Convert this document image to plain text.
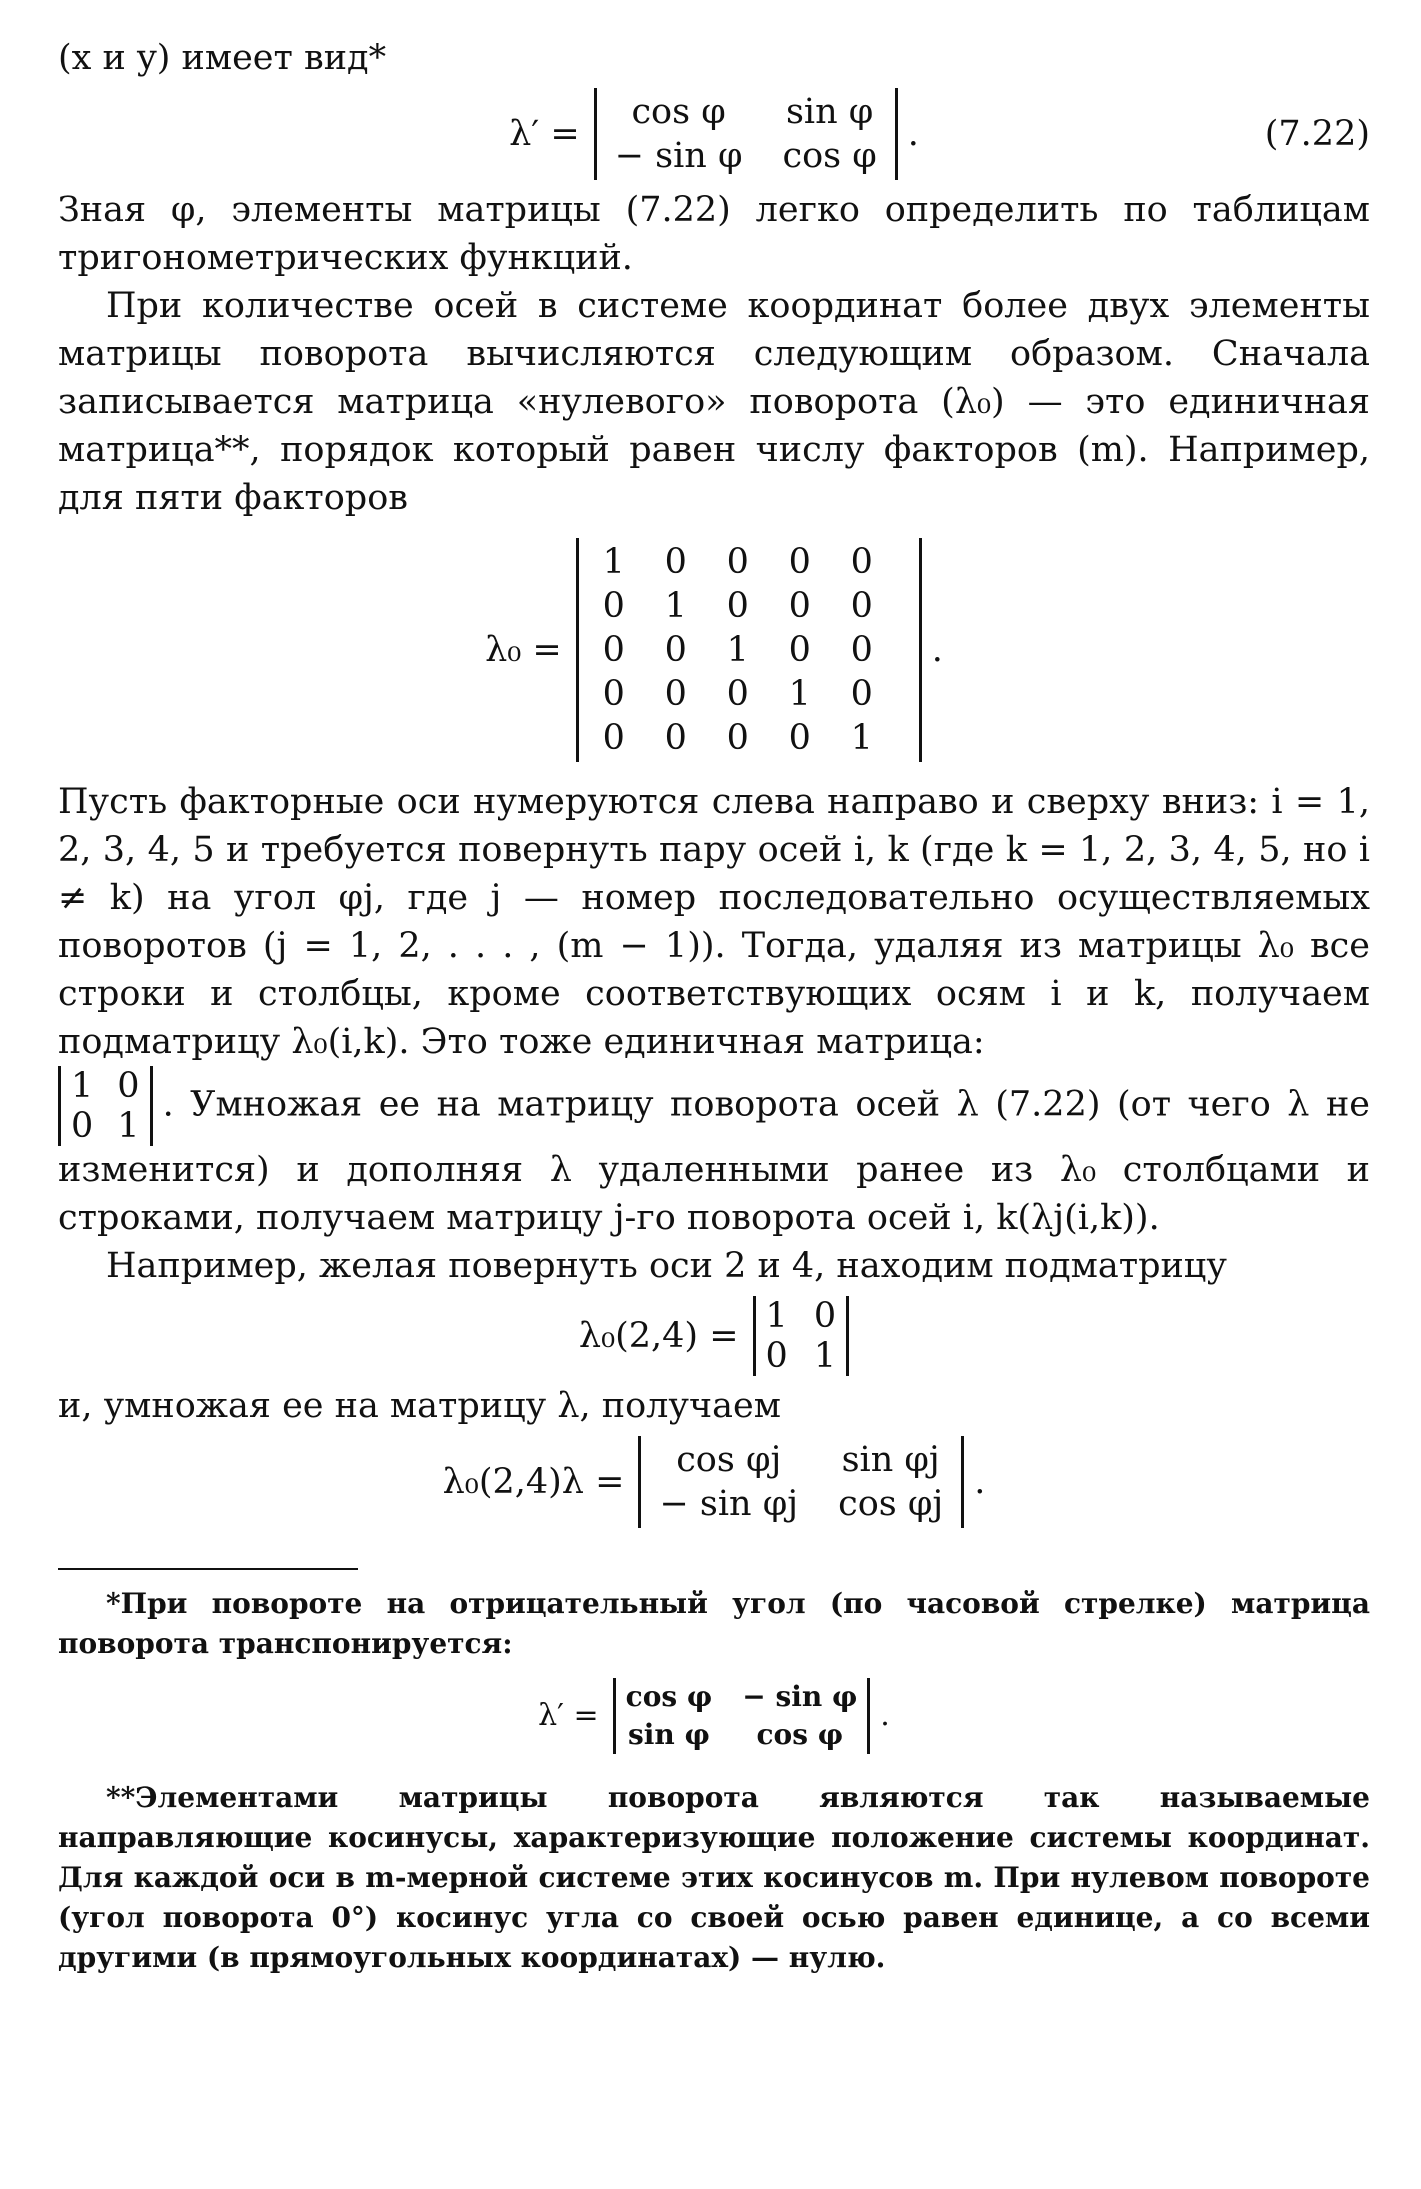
(x и y) имеет вид*

λ′ =
cos φ	sin φ
− sin φ cos φ
.	(7.22)

Зная φ, элементы матрицы (7.22) легко определить по таблицам тригонометрических функций.

При количестве осей в системе координат более двух элементы матрицы поворота вычисляются следующим образом. Сначала записывается матрица «нулевого» поворота (λ₀) — это единичная матрица**, порядок который равен числу факторов (m). Например, для пяти факторов

λ₀ =
1 0 0 0 0
0 1 0 0 0
0 0 1 0 0
0 0 0 1 0
0 0 0 0 1
.

Пусть факторные оси нумеруются слева направо и сверху вниз: i = 1, 2, 3, 4, 5 и требуется повернуть пару осей i, k (где k = 1, 2, 3, 4, 5, но i ≠ k) на угол φj, где j — номер последовательно осуществляемых поворотов (j = 1, 2, . . . , (m − 1)). Тогда, удаляя из матрицы λ₀ все строки и столбцы, кроме соответствующих осям i и k, получаем подматрицу λ₀(i,k). Это тоже единичная матрица:

1 0
0 1
. Умножая ее на матрицу поворота осей λ (7.22) (от чего λ не изменится) и дополняя λ удаленными ранее из λ₀ столбцами и строками, получаем матрицу j-го поворота осей i, k(λj(i,k)).

Например, желая повернуть оси 2 и 4, находим подматрицу

λ₀(2,4) = 1 0
0 1

и, умножая ее на матрицу λ, получаем

λ₀(2,4)λ =
cos φj	sin φj
− sin φj cos φj
.

*При повороте на отрицательный угол (по часовой стрелке) матрица поворота транспонируется:

λ′ =
cos φ − sin φ
sin φ	cos φ
.

**Элементами матрицы поворота являются так называемые направляющие косинусы, характеризующие положение системы координат. Для каждой оси в m-мерной системе этих косинусов m. При нулевом повороте (угол поворота 0°) косинус угла со своей осью равен единице, а со всеми другими (в прямоугольных координатах) — нулю.
